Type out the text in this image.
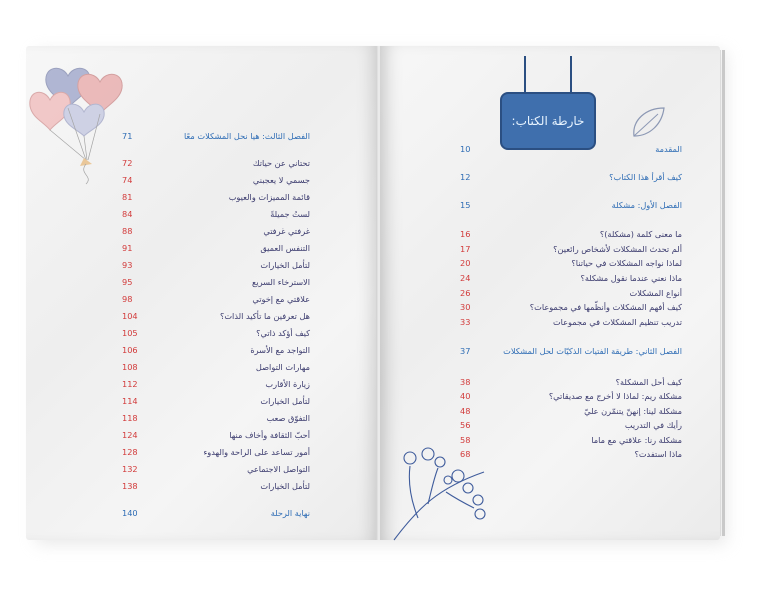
خارطة الكتاب:
الفصل الثالث: هيا نحل المشكلات معًا
71
تحتاني عن حياتك
72
جسمي لا يعجبني
74
قائمة المميزات والعيوب
81
لستُ جميلةً
84
غرفتي غرفتي
88
التنفس العميق
91
لتأمل الخيارات
93
الاسترخاء السريع
95
علاقتي مع إخوتي
98
هل تعرفين ما تأكيد الذات؟
104
كيف أؤكد ذاتي؟
105
التواجد مع الأسرة
106
مهارات التواصل
108
زيارة الأقارب
112
لتأمل الخيارات
114
التفوّق صعب
118
أحبّ الثقافة وأخاف منها
124
أمور تساعد على الراحة والهدوء
128
التواصل الاجتماعي
132
لتأمل الخيارات
138
نهاية الرحلة
140
المقدمة
10
كيف أقرأ هذا الكتاب؟
12
الفصل الأول: مشكلة
15
ما معنى كلمة (مشكلة)؟
16
ألم تحدث المشكلات لأشخاص رائعين؟
17
لماذا نواجه المشكلات في حياتنا؟
20
ماذا نعني عندما نقول مشكلة؟
24
أنواع المشكلات
26
كيف أفهم المشكلات وأنظّمها في مجموعات؟
30
تدريب تنظيم المشكلات في مجموعات
33
الفصل الثاني: طريقة الفتيات الذكيّات لحل المشكلات
37
كيف أحل المشكلة؟
38
مشكلة ريم: لماذا لا أخرج مع صديقاتي؟
40
مشكلة لينا: إنهنّ يتنمّرن عليّ
48
رأيك في التدريب
56
مشكلة رنا: علاقتي مع ماما
58
ماذا استفدت؟
68
